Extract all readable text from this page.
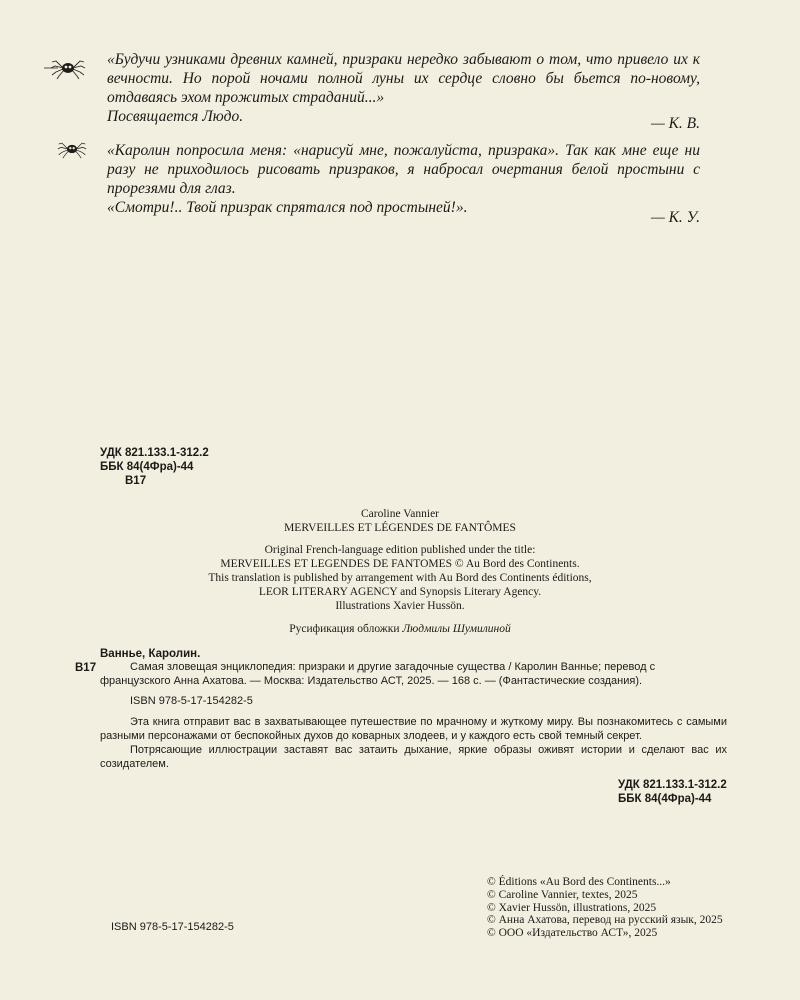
«Будучи узниками древних камней, призраки нередко забывают о том, что привело их к вечности. Но порой ночами полной луны их сердце словно бы бьется по-новому, отдаваясь эхом прожитых страданий...»

Посвящается Людо.	— К. В.

«Каролин попросила меня: «нарисуй мне, пожалуйста, призрака». Так как мне еще ни разу не приходилось рисовать призраков, я набросал очертания белой простыни с прорезями для глаз.

«Смотри!.. Твой призрак спрятался под простыней!».

— К. У.
УДК 821.133.1-312.2
ББК 84(4Фра)-44
В17
Caroline Vannier
MERVEILLES ET LÉGENDES DE FANTÔMES
Original French-language edition published under the title:
MERVEILLES ET LEGENDES DE FANTOMES © Au Bord des Continents.
This translation is published by arrangement with Au Bord des Continents éditions,
LEOR LITERARY AGENCY and Synopsis Literary Agency.
Illustrations Xavier Hussön.
Русификация обложки Людмилы Шумилиной
Ваннье, Каролин.
В17	Самая зловещая энциклопедия: призраки и другие загадочные существа / Каролин Ваннье; перевод с французского Анна Ахатова. — Москва: Издательство АСТ, 2025. — 168 с. — (Фантастические создания).
ISBN 978-5-17-154282-5

Эта книга отправит вас в захватывающее путешествие по мрачному и жуткому миру. Вы познакомитесь с самыми разными персонажами от беспокойных духов до коварных злодеев, и у каждого есть свой темный секрет.

Потрясающие иллюстрации заставят вас затаить дыхание, яркие образы оживят истории и сделают вас их созидателем.

УДК 821.133.1-312.2
ББК 84(4Фра)-44
© Éditions «Au Bord des Continents...»
© Caroline Vannier, textes, 2025
© Xavier Hussön, illustrations, 2025
© Анна Ахатова, перевод на русский язык, 2025
© ООО «Издательство АСТ», 2025
ISBN 978-5-17-154282-5
